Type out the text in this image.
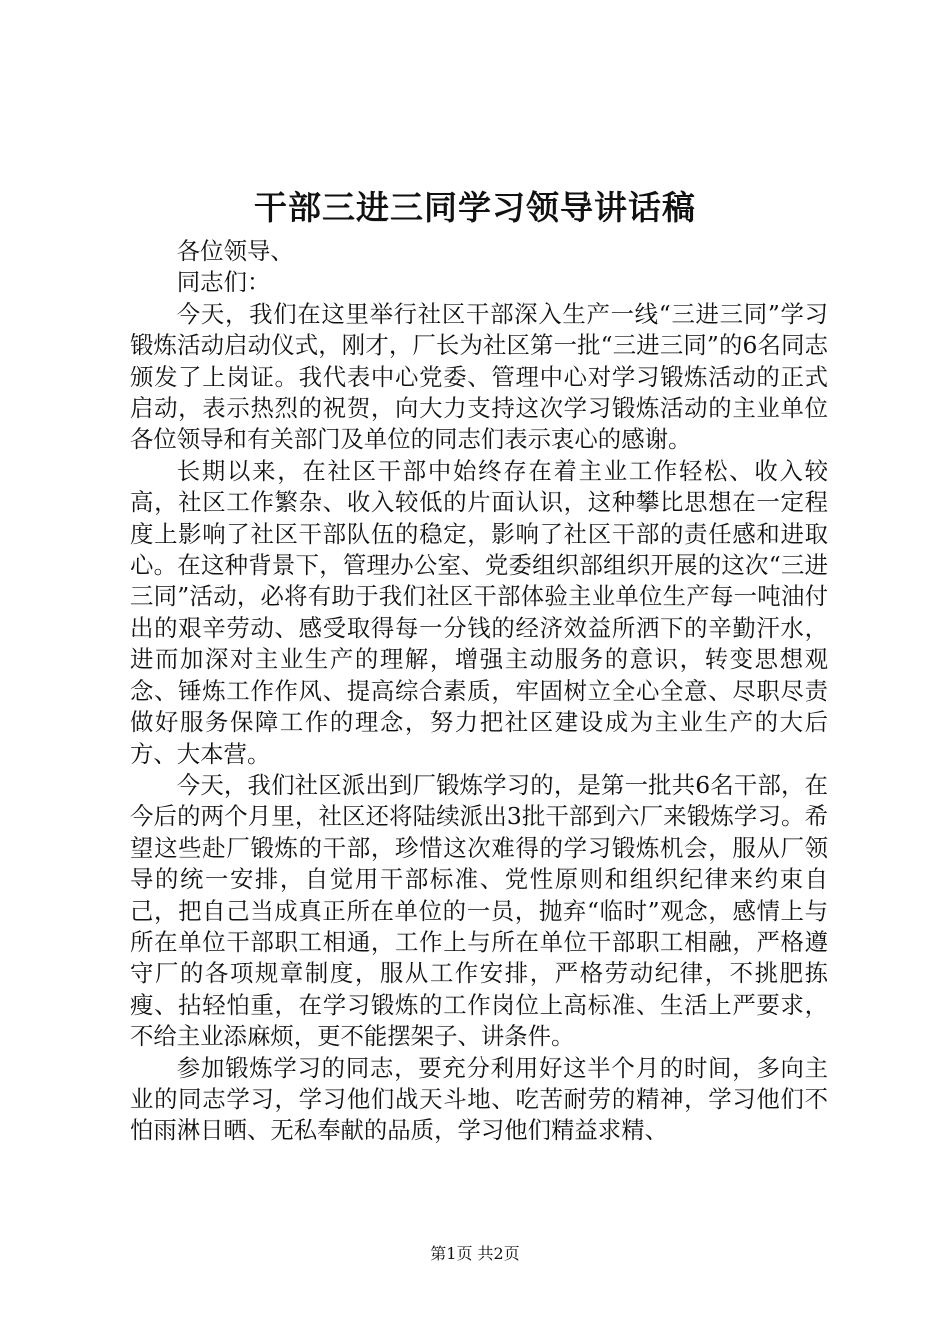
干部三进三同学习领导讲话稿

各位领导、

同志们：

今天，我们在这里举行社区干部深入生产一线“三进三同”学习锻炼活动启动仪式，刚才，厂长为社区第一批“三进三同”的6名同志颁发了上岗证。我代表中心党委、管理中心对学习锻炼活动的正式启动，表示热烈的祝贺，向大力支持这次学习锻炼活动的主业单位各位领导和有关部门及单位的同志们表示衷心的感谢。

长期以来，在社区干部中始终存在着主业工作轻松、收入较高，社区工作繁杂、收入较低的片面认识，这种攀比思想在一定程度上影响了社区干部队伍的稳定，影响了社区干部的责任感和进取心。在这种背景下，管理办公室、党委组织部组织开展的这次“三进三同”活动，必将有助于我们社区干部体验主业单位生产每一吨油付出的艰辛劳动、感受取得每一分钱的经济效益所洒下的辛勤汗水，进而加深对主业生产的理解，增强主动服务的意识，转变思想观念、锤炼工作作风、提高综合素质，牢固树立全心全意、尽职尽责做好服务保障工作的理念，努力把社区建设成为主业生产的大后方、大本营。

今天，我们社区派出到厂锻炼学习的，是第一批共6名干部，在今后的两个月里，社区还将陆续派出3批干部到六厂来锻炼学习。希望这些赴厂锻炼的干部，珍惜这次难得的学习锻炼机会，服从厂领导的统一安排，自觉用干部标准、党性原则和组织纪律来约束自己，把自己当成真正所在单位的一员，抛弃“临时”观念，感情上与所在单位干部职工相通，工作上与所在单位干部职工相融，严格遵守厂的各项规章制度，服从工作安排，严格劳动纪律，不挑肥拣瘦、拈轻怕重，在学习锻炼的工作岗位上高标准、生活上严要求，不给主业添麻烦，更不能摆架子、讲条件。

参加锻炼学习的同志，要充分利用好这半个月的时间，多向主业的同志学习，学习他们战天斗地、吃苦耐劳的精神，学习他们不怕雨淋日晒、无私奉献的品质，学习他们精益求精、

第1页 共2页
